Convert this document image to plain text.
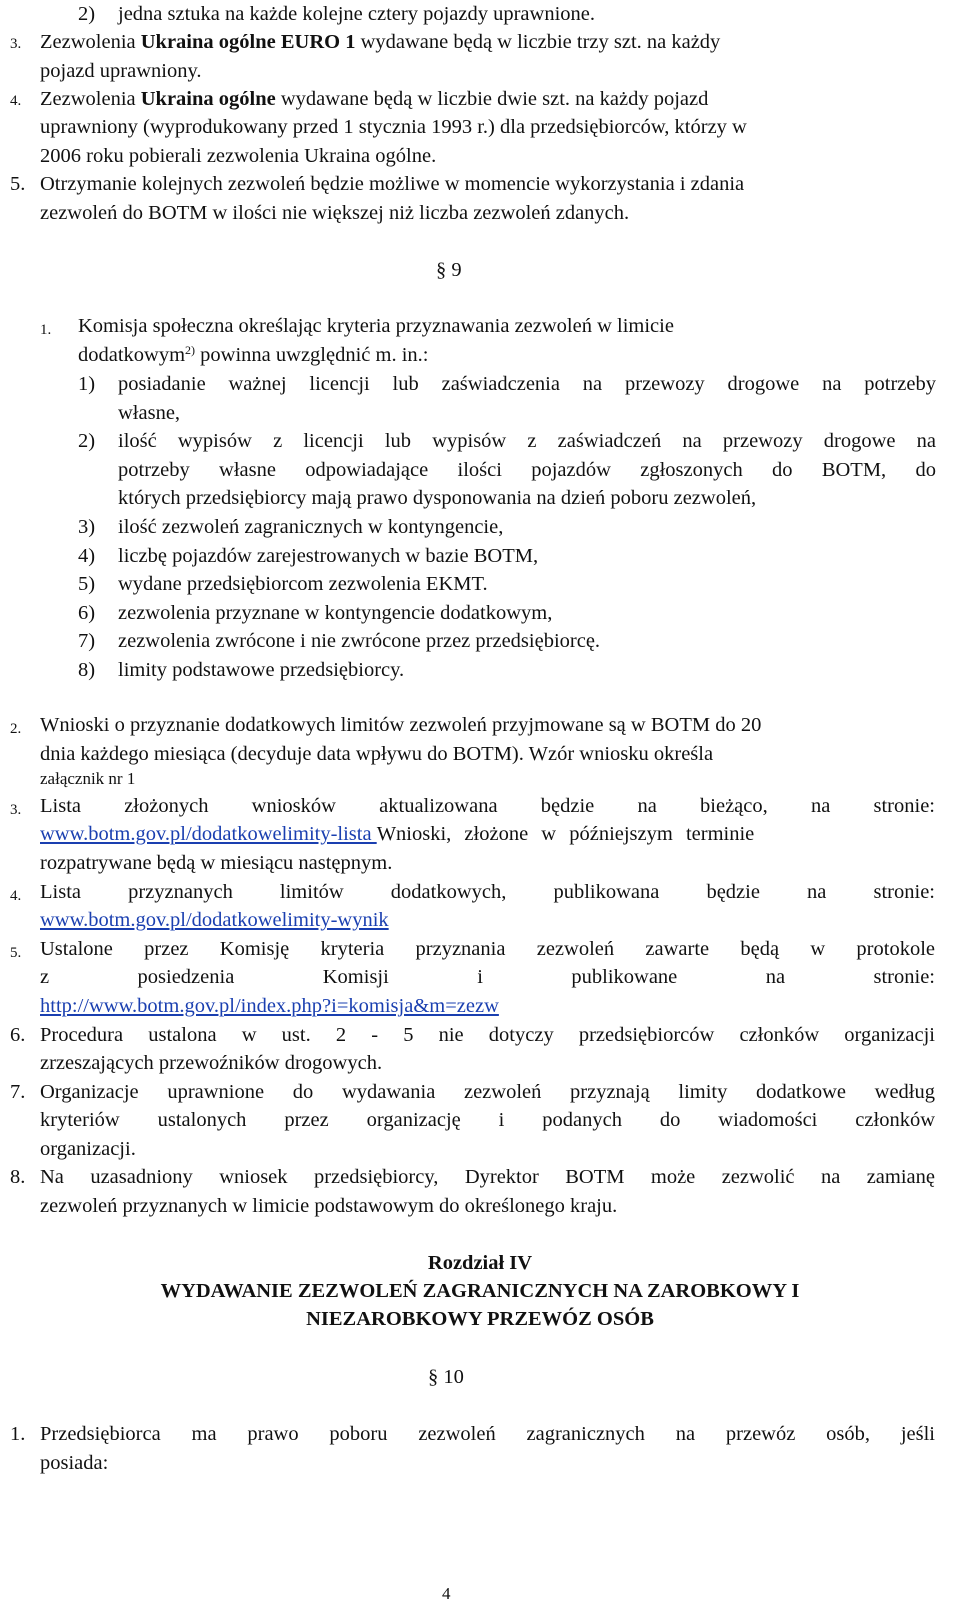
2) jedna sztuka na każde kolejne cztery pojazdy uprawnione.
3. Zezwolenia Ukraina ogólne EURO 1 wydawane będą w liczbie trzy szt. na każdy
pojazd uprawniony.
4. Zezwolenia Ukraina ogólne wydawane będą w liczbie dwie szt. na każdy pojazd
uprawniony (wyprodukowany przed 1 stycznia 1993 r.) dla przedsiębiorców, którzy w
2006 roku pobierali zezwolenia Ukraina ogólne.
5. Otrzymanie kolejnych zezwoleń będzie możliwe w momencie wykorzystania i zdania
zezwoleń do BOTM w ilości nie większej niż liczba zezwoleń zdanych.
§ 9
1. Komisja społeczna określając kryteria przyznawania zezwoleń w limicie
dodatkowym$^{2)}$ powinna uwzględnić m. in.:
1) posiadanie ważnej licencji lub zaświadczenia na przewozy drogowe na potrzeby
własne,
2) ilość wypisów z licencji lub wypisów z zaświadczeń na przewozy drogowe na
potrzeby własne odpowiadające ilości pojazdów zgłoszonych do BOTM, do
których przedsiębiorcy mają prawo dysponowania na dzień poboru zezwoleń,
3) ilość zezwoleń zagranicznych w kontyngencie,
4) liczbę pojazdów zarejestrowanych w bazie BOTM,
5) wydane przedsiębiorcom zezwolenia EKMT.
6) zezwolenia przyznane w kontyngencie dodatkowym,
7) zezwolenia zwrócone i nie zwrócone przez przedsiębiorcę.
8) limity podstawowe przedsiębiorcy.
2. Wnioski o przyznanie dodatkowych limitów zezwoleń przyjmowane są w BOTM do 20
dnia każdego miesiąca (decyduje data wpływu do BOTM). Wzór wniosku określa
załącznik nr 1
3. Lista złożonych wniosków aktualizowana będzie na bieżąco, na stronie:
www.botm.gov.pl/dodatkowelimity-lista Wnioski, złożone w późniejszym terminie
rozpatrywane będą w miesiącu następnym.
4. Lista przyznanych limitów dodatkowych, publikowana będzie na stronie:
www.botm.gov.pl/dodatkowelimity-wynik
5. Ustalone przez Komisję kryteria przyznania zezwoleń zawarte będą w protokole
z posiedzenia Komisji i publikowane na stronie:
http://www.botm.gov.pl/index.php?i=komisja&m=zezw
6. Procedura ustalona w ust. 2 - 5 nie dotyczy przedsiębiorców członków organizacji
zrzeszających przewoźników drogowych.
7. Organizacje uprawnione do wydawania zezwoleń przyznają limity dodatkowe według
kryteriów ustalonych przez organizację i podanych do wiadomości członków
organizacji.
8. Na uzasadniony wniosek przedsiębiorcy, Dyrektor BOTM może zezwolić na zamianę
zezwoleń przyznanych w limicie podstawowym do określonego kraju.
Rozdział IV
WYDAWANIE ZEZWOLEŃ ZAGRANICZNYCH NA ZAROBKOWY I
NIEZAROBKOWY PRZEWÓZ OSÓB
§ 10
1. Przedsiębiorca ma prawo poboru zezwoleń zagranicznych na przewóz osób, jeśli
posiada:
4
